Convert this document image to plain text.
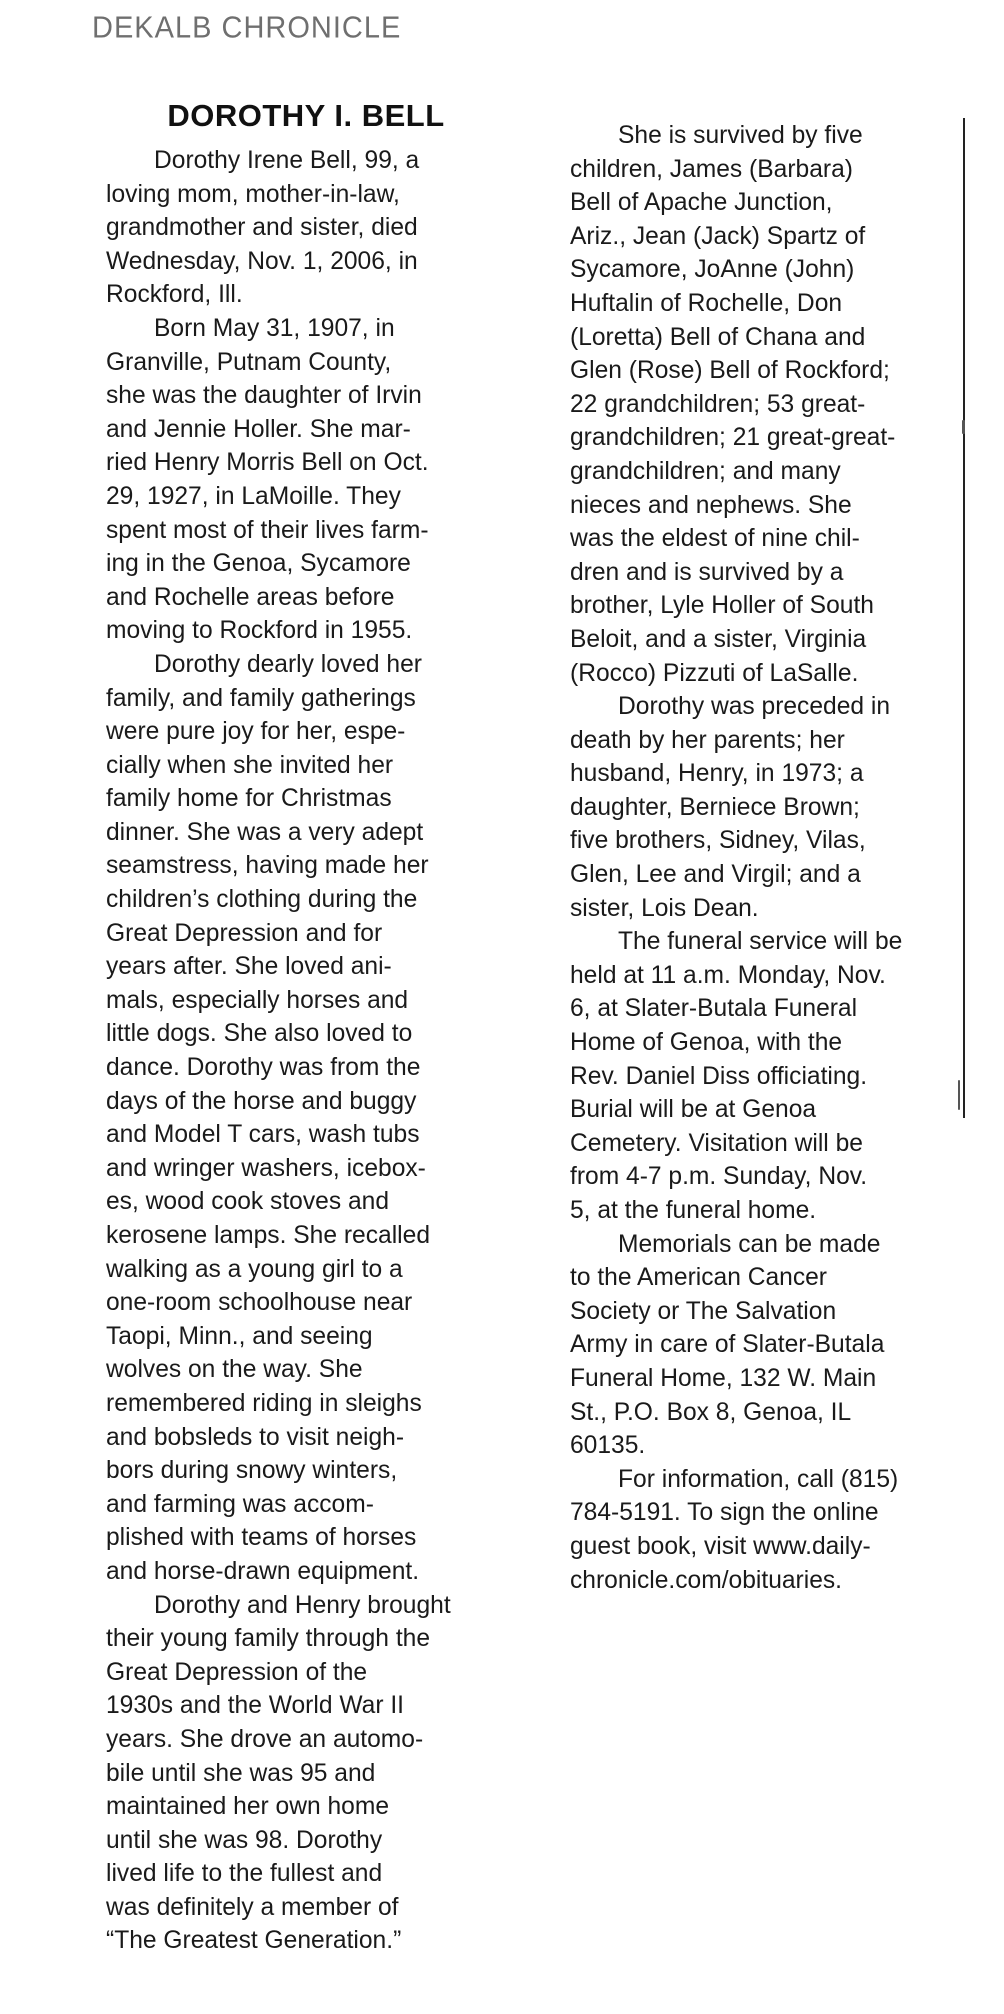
DEKALB CHRONICLE
DOROTHY I. BELL

Dorothy Irene Bell, 99, a
loving mom, mother-in-law,
grandmother and sister, died
Wednesday, Nov. 1, 2006, in
Rockford, Ill.

Born May 31, 1907, in
Granville, Putnam County,
she was the daughter of Irvin
and Jennie Holler. She mar-
ried Henry Morris Bell on Oct.
29, 1927, in LaMoille. They
spent most of their lives farm-
ing in the Genoa, Sycamore
and Rochelle areas before
moving to Rockford in 1955.

Dorothy dearly loved her
family, and family gatherings
were pure joy for her, espe-
cially when she invited her
family home for Christmas
dinner. She was a very adept
seamstress, having made her
children’s clothing during the
Great Depression and for
years after. She loved ani-
mals, especially horses and
little dogs. She also loved to
dance. Dorothy was from the
days of the horse and buggy
and Model T cars, wash tubs
and wringer washers, icebox-
es, wood cook stoves and
kerosene lamps. She recalled
walking as a young girl to a
one-room schoolhouse near
Taopi, Minn., and seeing
wolves on the way. She
remembered riding in sleighs
and bobsleds to visit neigh-
bors during snowy winters,
and farming was accom-
plished with teams of horses
and horse-drawn equipment.

Dorothy and Henry brought
their young family through the
Great Depression of the
1930s and the World War II
years. She drove an automo-
bile until she was 95 and
maintained her own home
until she was 98. Dorothy
lived life to the fullest and
was definitely a member of
“The Greatest Generation.”

She is survived by five
children, James (Barbara)
Bell of Apache Junction,
Ariz., Jean (Jack) Spartz of
Sycamore, JoAnne (John)
Huftalin of Rochelle, Don
(Loretta) Bell of Chana and
Glen (Rose) Bell of Rockford;
22 grandchildren; 53 great-
grandchildren; 21 great-great-
grandchildren; and many
nieces and nephews. She
was the eldest of nine chil-
dren and is survived by a
brother, Lyle Holler of South
Beloit, and a sister, Virginia
(Rocco) Pizzuti of LaSalle.

Dorothy was preceded in
death by her parents; her
husband, Henry, in 1973; a
daughter, Berniece Brown;
five brothers, Sidney, Vilas,
Glen, Lee and Virgil; and a
sister, Lois Dean.

The funeral service will be
held at 11 a.m. Monday, Nov.
6, at Slater-Butala Funeral
Home of Genoa, with the
Rev. Daniel Diss officiating.
Burial will be at Genoa
Cemetery. Visitation will be
from 4-7 p.m. Sunday, Nov.
5, at the funeral home.

Memorials can be made
to the American Cancer
Society or The Salvation
Army in care of Slater-Butala
Funeral Home, 132 W. Main
St., P.O. Box 8, Genoa, IL
60135.

For information, call (815)
784-5191. To sign the online
guest book, visit www.daily-
chronicle.com/obituaries.
